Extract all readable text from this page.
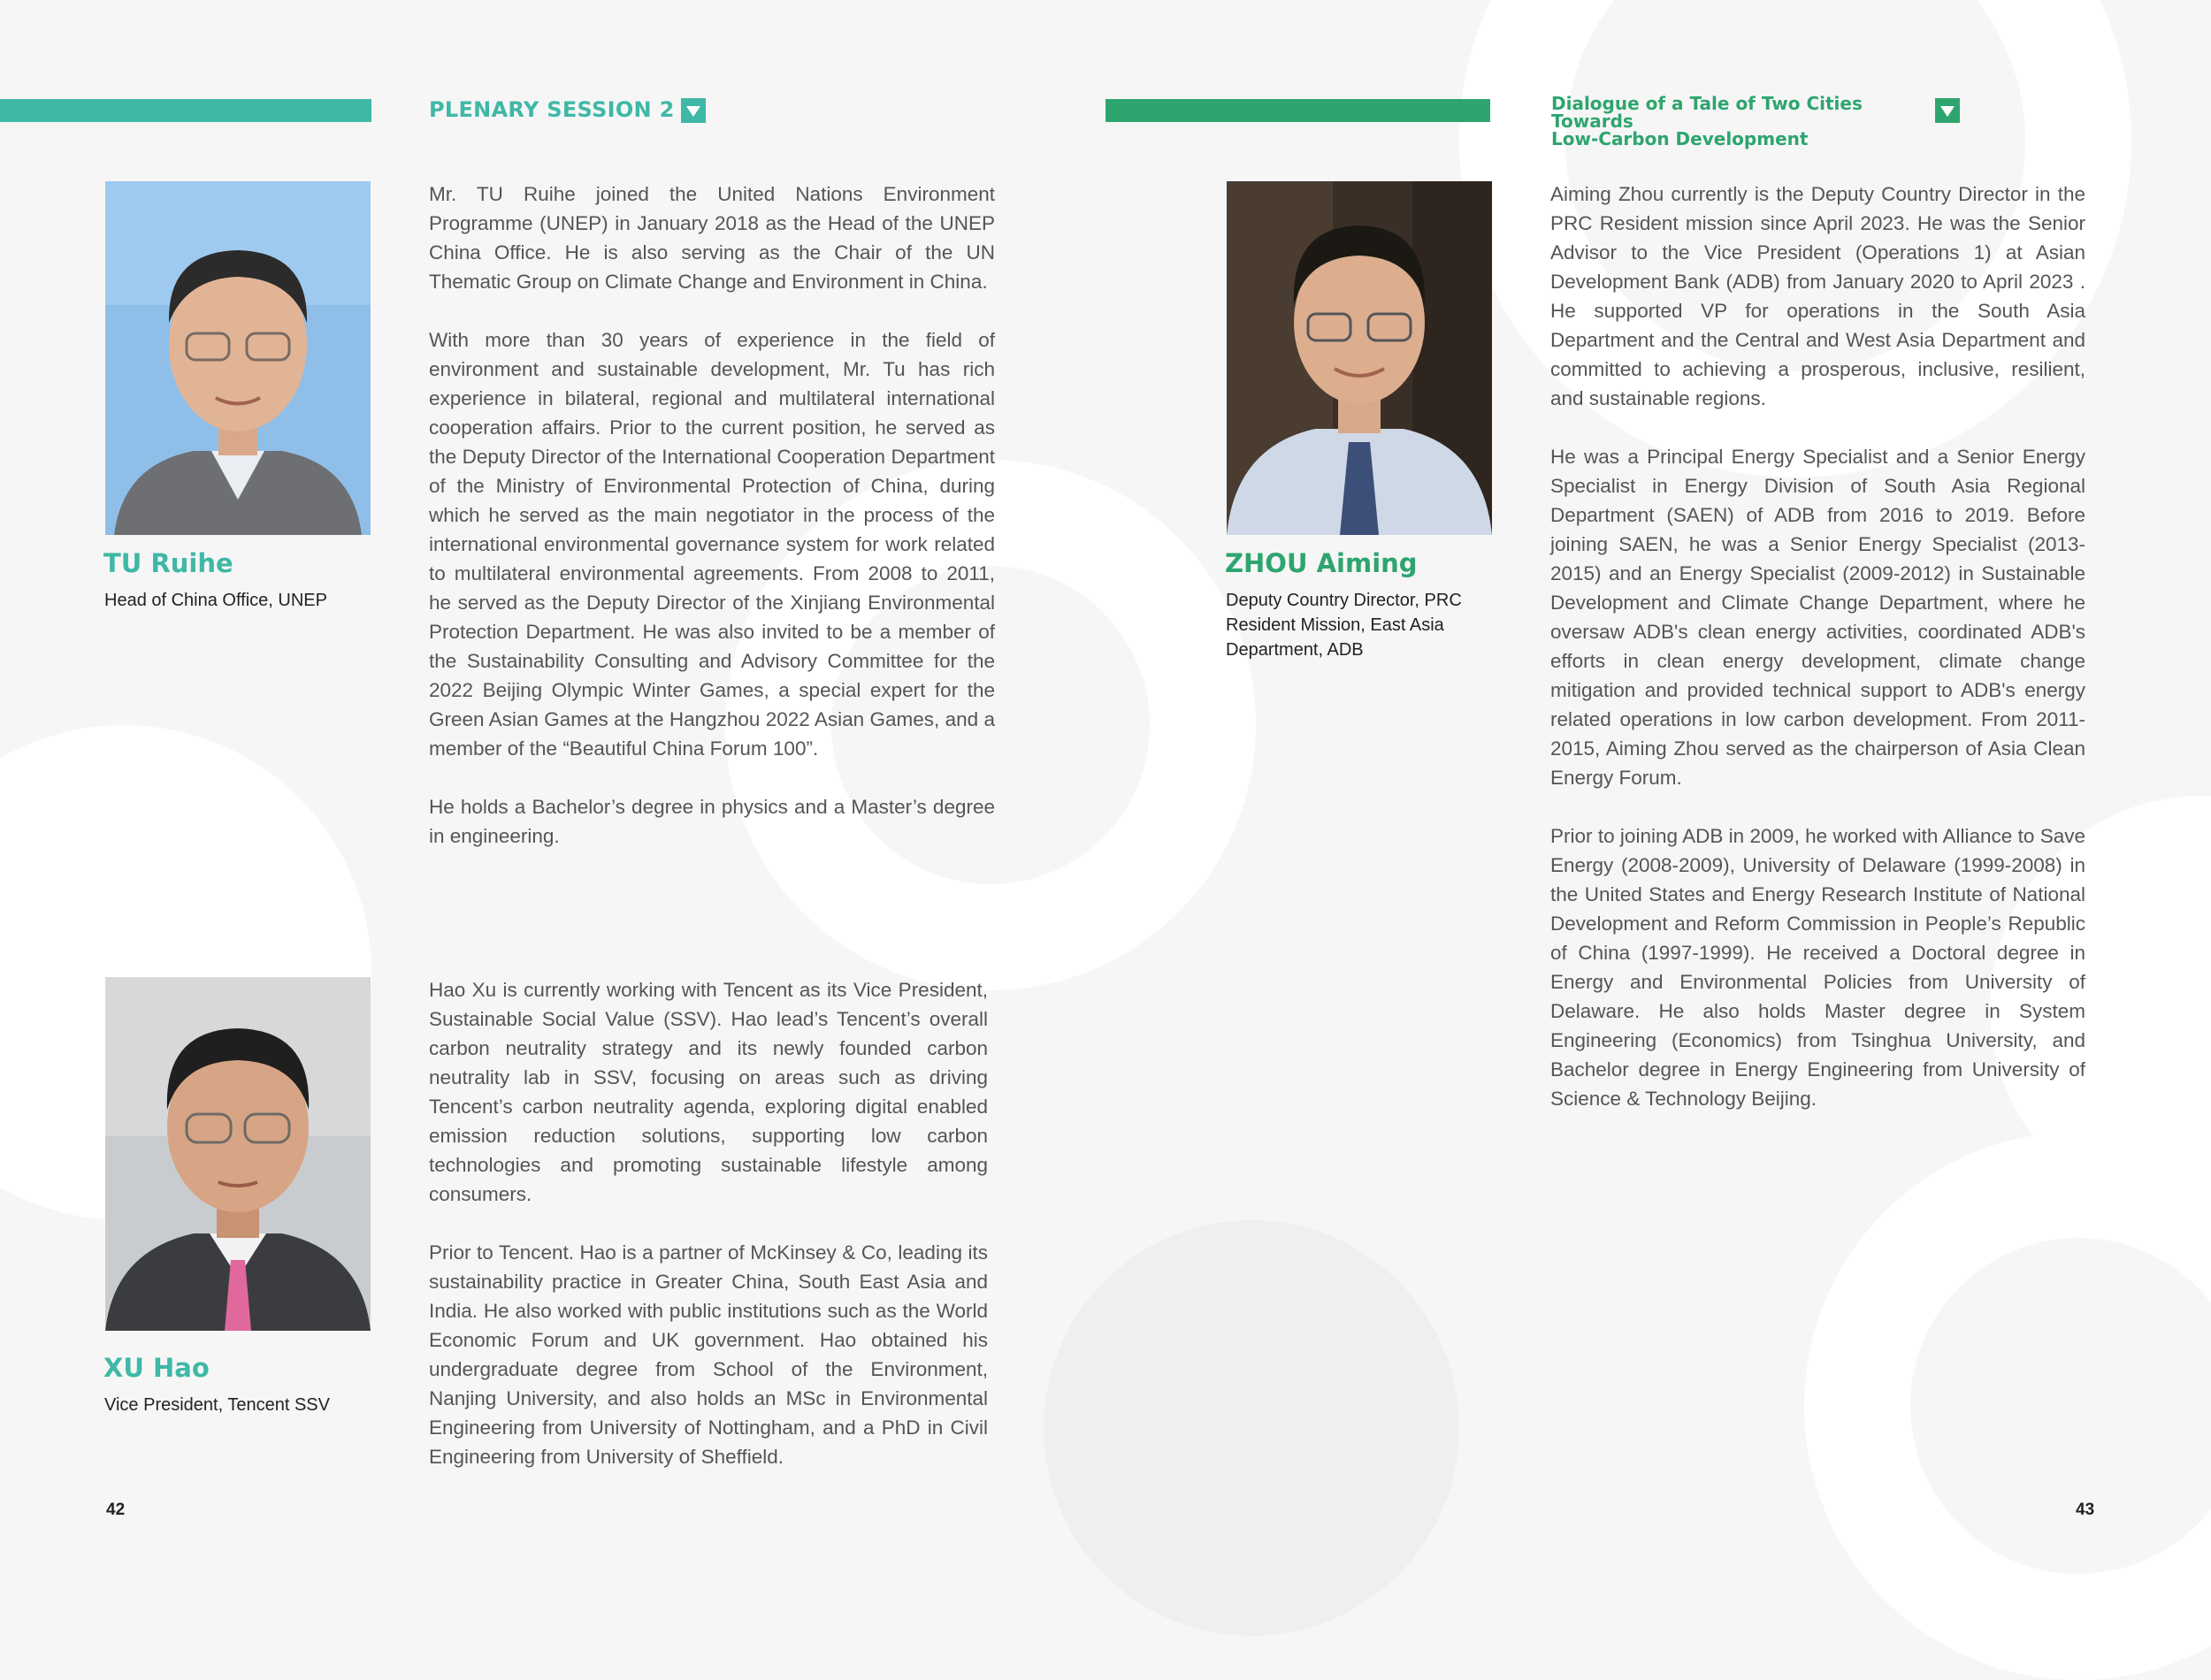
PLENARY SESSION 2
TU Ruihe
Head of China Office, UNEP

Mr. TU Ruihe joined the United Nations Environment Programme (UNEP) in January 2018 as the Head of the UNEP China Office. He is also serving as the Chair of the UN Thematic Group on Climate Change and Environment in China.

With more than 30 years of experience in the field of environment and sustainable development, Mr. Tu has rich experience in bilateral, regional and multilateral international cooperation affairs. Prior to the current position, he served as the Deputy Director of the International Cooperation Department of the Ministry of Environmental Protection of China, during which he served as the main negotiator in the process of the international environmental governance system for work related to multilateral environmental agreements. From 2008 to 2011, he served as the Deputy Director of the Xinjiang Environmental Protection Department. He was also invited to be a member of the Sustainability Consulting and Advisory Committee for the 2022 Beijing Olympic Winter Games, a special expert for the Green Asian Games at the Hangzhou 2022 Asian Games, and a member of the “Beautiful China Forum 100”.

He holds a Bachelor’s degree in physics and a Master’s degree in engineering.

XU Hao
Vice President, Tencent SSV

Hao Xu is currently working with Tencent as its Vice President, Sustainable Social Value (SSV). Hao lead’s Tencent’s overall carbon neutrality strategy and its newly founded carbon neutrality lab in SSV, focusing on areas such as driving Tencent’s carbon neutrality agenda, exploring digital enabled emission reduction solutions, supporting low carbon technologies and promoting sustainable lifestyle among consumers.

Prior to Tencent. Hao is a partner of McKinsey & Co, leading its sustainability practice in Greater China, South East Asia and India. He also worked with public institutions such as the World Economic Forum and UK government. Hao obtained his undergraduate degree from School of the Environment, Nanjing University, and also holds an MSc in Environmental Engineering from University of Nottingham, and a PhD in Civil Engineering from University of Sheffield.

42
Dialogue of a Tale of Two Cities Towards
Low-Carbon Development
ZHOU Aiming
Deputy Country Director, PRC Resident Mission, East Asia Department, ADB

Aiming Zhou currently is the Deputy Country Director in the PRC Resident mission since April 2023. He was the Senior Advisor to the Vice President (Operations 1) at Asian Development Bank (ADB) from January 2020 to April 2023 . He supported VP for operations in the South Asia Department and the Central and West Asia Department and committed to achieving a prosperous, inclusive, resilient, and sustainable regions.

He was a Principal Energy Specialist and a Senior Energy Specialist in Energy Division of South Asia Regional Department (SAEN) of ADB from 2016 to 2019. Before joining SAEN, he was a Senior Energy Specialist (2013-2015) and an Energy Specialist (2009-2012) in Sustainable Development and Climate Change Department, where he oversaw ADB's clean energy activities, coordinated ADB's efforts in clean energy development, climate change mitigation and provided technical support to ADB's energy related operations in low carbon development. From 2011-2015, Aiming Zhou served as the chairperson of Asia Clean Energy Forum.

Prior to joining ADB in 2009, he worked with Alliance to Save Energy (2008-2009), University of Delaware (1999-2008) in the United States and Energy Research Institute of National Development and Reform Commission in People’s Republic of China (1997-1999). He received a Doctoral degree in Energy and Environmental Policies from University of Delaware. He also holds Master degree in System Engineering (Economics) from Tsinghua University, and Bachelor degree in Energy Engineering from University of Science & Technology Beijing.

43
